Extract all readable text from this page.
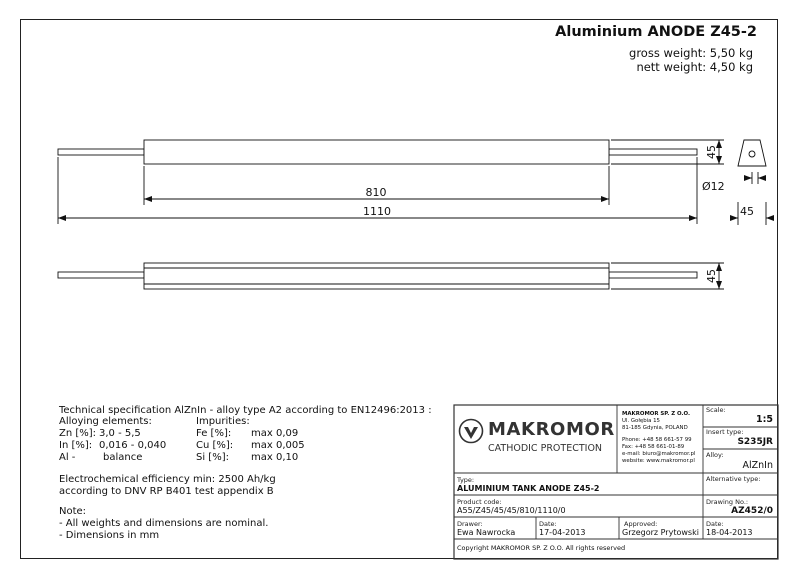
Aluminium ANODE Z45-2
gross weight: 5,50 kg
nett weight: 4,50 kg
45
810
1110
45
Ø12
45
Technical specification AlZnIn - alloy type A2 according to EN12496:2013 :
Alloying elements:	Impurities:
Zn [%]: 3,0 - 5,5
In [%]: 0,016 - 0,040
Al -	balance
Fe [%]: max 0,09
Cu [%]: max 0,005
Si [%]: max 0,10
Electrochemical efficiency min: 2500 Ah/kg
according to DNV RP B401 test appendix B
Note:
- All weights and dimensions are nominal.
- Dimensions in mm
MAKROMOR
CATHODIC PROTECTION
MAKROMOR SP. Z O.O.
Ul. Gołębia 15
81-185 Gdynia, POLAND
Phone: +48 58 661-57 99
Fax: +48 58 661-01-89
e-mail: biuro@makromor.pl
website: www.makromor.pl
Scale:
1:5
Insert type:
S235JR
Alloy:
AlZnIn
Alternative type:
Type:
ALUMINIUM TANK ANODE Z45-2
Product code:
A55/Z45/45/45/810/1110/0
Drawing No.:
AZ452/0
Drawer:
Ewa Nawrocka
Date:
17-04-2013
Approved:
Grzegorz Prytowski
Date:
18-04-2013
Copyright MAKROMOR SP. Z O.O. All rights reserved
